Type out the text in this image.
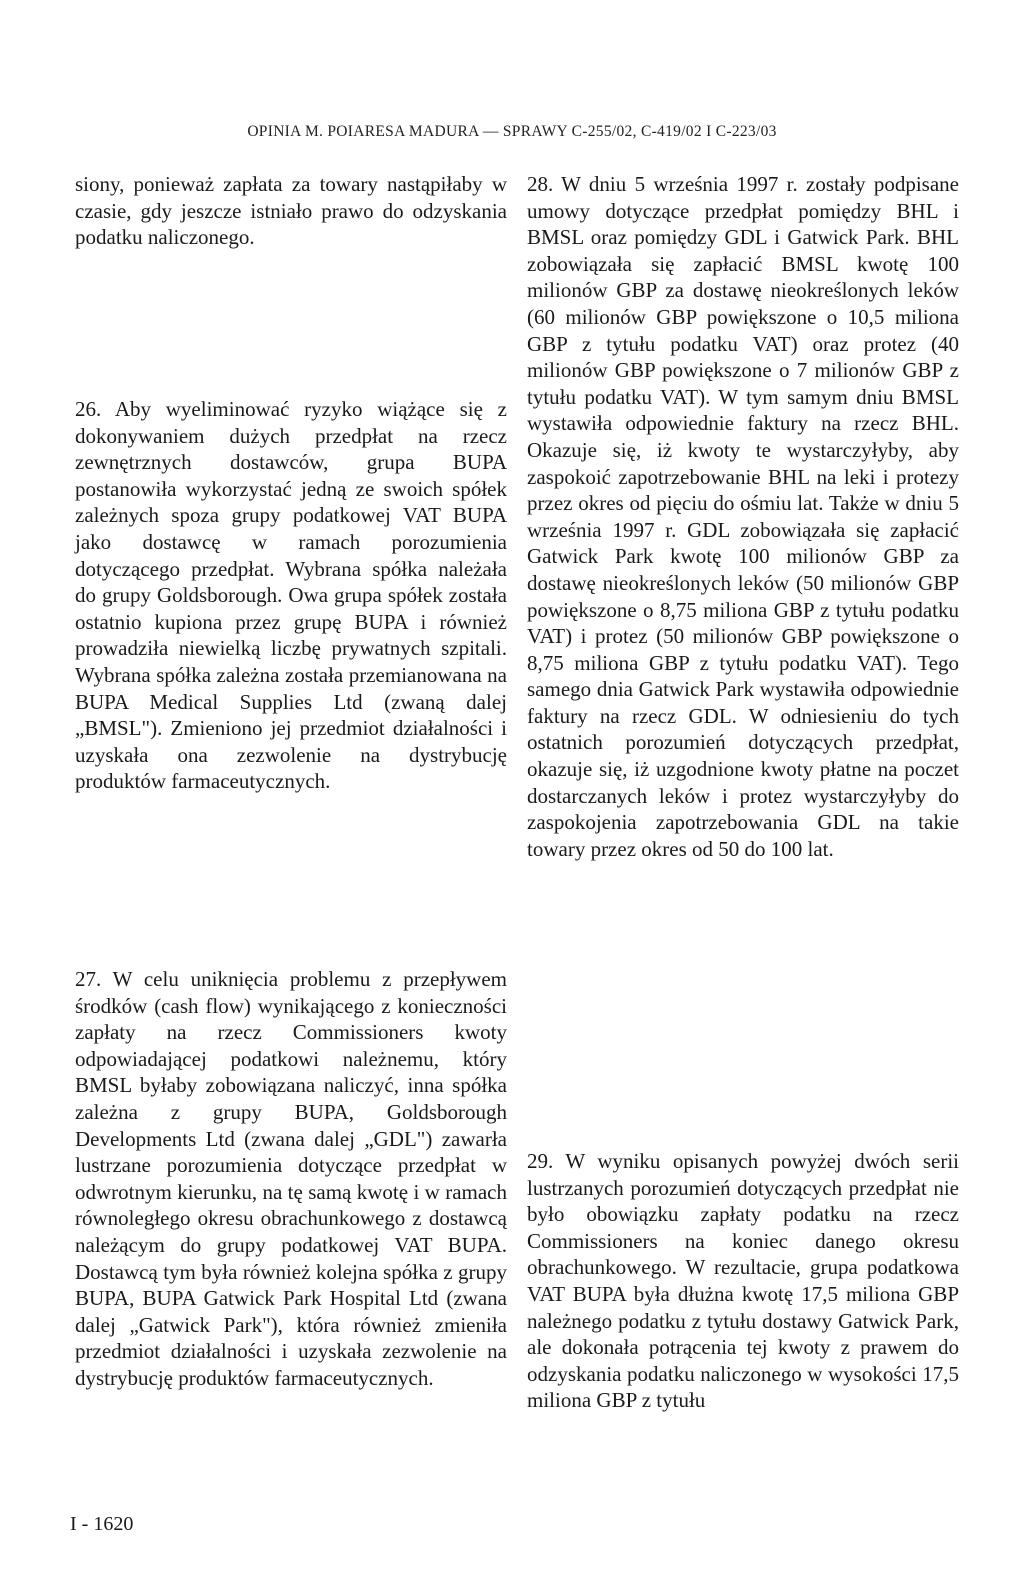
OPINIA M. POIARESA MADURA — SPRAWY C-255/02, C-419/02 I C-223/03

siony, ponieważ zapłata za towary nastąpiłaby w czasie, gdy jeszcze istniało prawo do odzyskania podatku naliczonego.

26. Aby wyeliminować ryzyko wiążące się z dokonywaniem dużych przedpłat na rzecz zewnętrznych dostawców, grupa BUPA postanowiła wykorzystać jedną ze swoich spółek zależnych spoza grupy podatkowej VAT BUPA jako dostawcę w ramach porozumienia dotyczącego przedpłat. Wybrana spółka należała do grupy Goldsborough. Owa grupa spółek została ostatnio kupiona przez grupę BUPA i również prowadziła niewielką liczbę prywatnych szpitali. Wybrana spółka zależna została przemianowana na BUPA Medical Supplies Ltd (zwaną dalej „BMSL"). Zmieniono jej przedmiot działalności i uzyskała ona zezwolenie na dystrybucję produktów farmaceutycznych.

27. W celu uniknięcia problemu z przepływem środków (cash flow) wynikającego z konieczności zapłaty na rzecz Commissioners kwoty odpowiadającej podatkowi należnemu, który BMSL byłaby zobowiązana naliczyć, inna spółka zależna z grupy BUPA, Goldsborough Developments Ltd (zwana dalej „GDL") zawarła lustrzane porozumienia dotyczące przedpłat w odwrotnym kierunku, na tę samą kwotę i w ramach równoległego okresu obrachunkowego z dostawcą należącym do grupy podatkowej VAT BUPA. Dostawcą tym była również kolejna spółka z grupy BUPA, BUPA Gatwick Park Hospital Ltd (zwana dalej „Gatwick Park"), która również zmieniła przedmiot działalności i uzyskała zezwolenie na dystrybucję produktów farmaceutycznych.

28. W dniu 5 września 1997 r. zostały podpisane umowy dotyczące przedpłat pomiędzy BHL i BMSL oraz pomiędzy GDL i Gatwick Park. BHL zobowiązała się zapłacić BMSL kwotę 100 milionów GBP za dostawę nieokreślonych leków (60 milionów GBP powiększone o 10,5 miliona GBP z tytułu podatku VAT) oraz protez (40 milionów GBP powiększone o 7 milionów GBP z tytułu podatku VAT). W tym samym dniu BMSL wystawiła odpowiednie faktury na rzecz BHL. Okazuje się, iż kwoty te wystarczyłyby, aby zaspokoić zapotrzebowanie BHL na leki i protezy przez okres od pięciu do ośmiu lat. Także w dniu 5 września 1997 r. GDL zobowiązała się zapłacić Gatwick Park kwotę 100 milionów GBP za dostawę nieokreślonych leków (50 milionów GBP powiększone o 8,75 miliona GBP z tytułu podatku VAT) i protez (50 milionów GBP powiększone o 8,75 miliona GBP z tytułu podatku VAT). Tego samego dnia Gatwick Park wystawiła odpowiednie faktury na rzecz GDL. W odniesieniu do tych ostatnich porozumień dotyczących przedpłat, okazuje się, iż uzgodnione kwoty płatne na poczet dostarczanych leków i protez wystarczyłyby do zaspokojenia zapotrzebowania GDL na takie towary przez okres od 50 do 100 lat.

29. W wyniku opisanych powyżej dwóch serii lustrzanych porozumień dotyczących przedpłat nie było obowiązku zapłaty podatku na rzecz Commissioners na koniec danego okresu obrachunkowego. W rezultacie, grupa podatkowa VAT BUPA była dłużna kwotę 17,5 miliona GBP należnego podatku z tytułu dostawy Gatwick Park, ale dokonała potrącenia tej kwoty z prawem do odzyskania podatku naliczonego w wysokości 17,5 miliona GBP z tytułu

I - 1620
